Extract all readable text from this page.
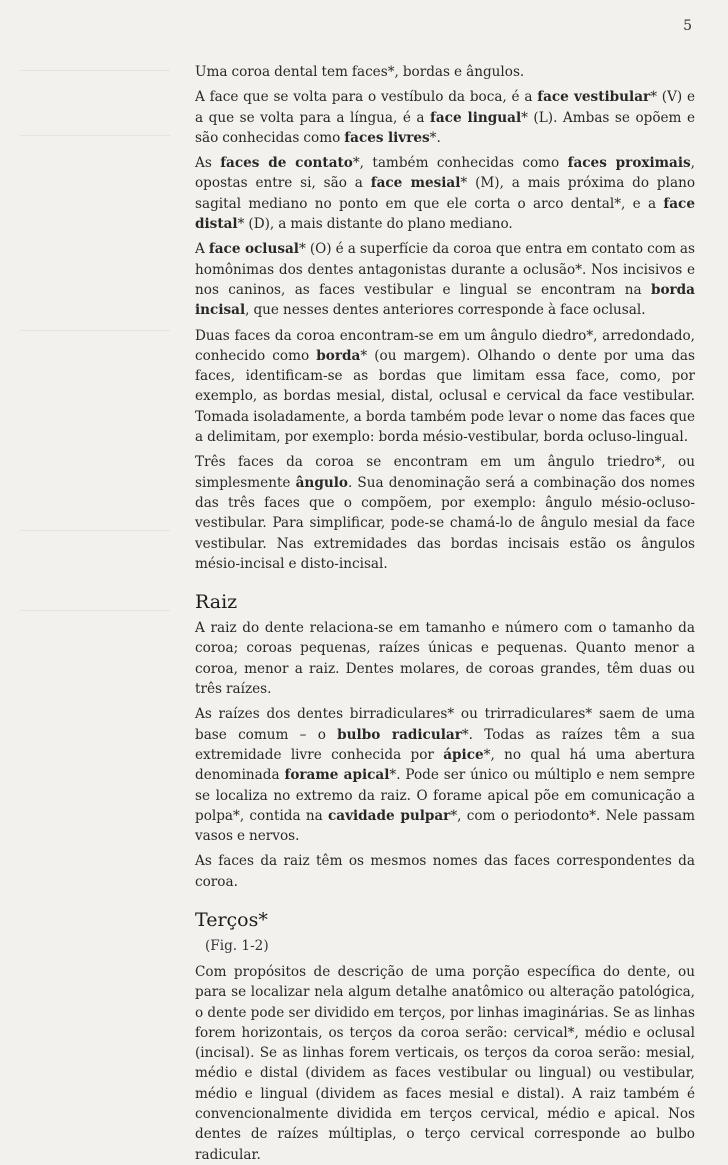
5

Uma coroa dental tem faces*, bordas e ângulos.

A face que se volta para o vestíbulo da boca, é a face vestibular* (V) e a que se volta para a língua, é a face lingual* (L). Ambas se opõem e são conhecidas como faces livres*.

As faces de contato*, também conhecidas como faces proximais, opostas entre si, são a face mesial* (M), a mais próxima do plano sagital mediano no ponto em que ele corta o arco dental*, e a face distal* (D), a mais distante do plano mediano.

A face oclusal* (O) é a superfície da coroa que entra em contato com as homônimas dos dentes antagonistas durante a oclusão*. Nos incisivos e nos caninos, as faces vestibular e lingual se encontram na borda incisal, que nesses dentes anteriores corresponde à face oclusal.

Duas faces da coroa encontram-se em um ângulo diedro*, arredondado, conhecido como borda* (ou margem). Olhando o dente por uma das faces, identificam-se as bordas que limitam essa face, como, por exemplo, as bordas mesial, distal, oclusal e cervical da face vestibular. Tomada isoladamente, a borda também pode levar o nome das faces que a delimitam, por exemplo: borda mésio-vestibular, borda ocluso-lingual.

Três faces da coroa se encontram em um ângulo triedro*, ou simplesmente ângulo. Sua denominação será a combinação dos nomes das três faces que o compõem, por exemplo: ângulo mésio-ocluso-vestibular. Para simplificar, pode-se chamá-lo de ângulo mesial da face vestibular. Nas extremidades das bordas incisais estão os ângulos mésio-incisal e disto-incisal.

Raiz

A raiz do dente relaciona-se em tamanho e número com o tamanho da coroa; coroas pequenas, raízes únicas e pequenas. Quanto menor a coroa, menor a raiz. Dentes molares, de coroas grandes, têm duas ou três raízes.

As raízes dos dentes birradiculares* ou trirradiculares* saem de uma base comum – o bulbo radicular*. Todas as raízes têm a sua extremidade livre conhecida por ápice*, no qual há uma abertura denominada forame apical*. Pode ser único ou múltiplo e nem sempre se localiza no extremo da raiz. O forame apical põe em comunicação a polpa*, contida na cavidade pulpar*, com o periodonto*. Nele passam vasos e nervos.

As faces da raiz têm os mesmos nomes das faces correspondentes da coroa.

Terços*
(Fig. 1-2)

Com propósitos de descrição de uma porção específica do dente, ou para se localizar nela algum detalhe anatômico ou alteração patológica, o dente pode ser dividido em terços, por linhas imaginárias. Se as linhas forem horizontais, os terços da coroa serão: cervical*, médio e oclusal (incisal). Se as linhas forem verticais, os terços da coroa serão: mesial, médio e distal (dividem as faces vestibular ou lingual) ou vestibular, médio e lingual (dividem as faces mesial e distal). A raiz também é convencionalmente dividida em terços cervical, médio e apical. Nos dentes de raízes múltiplas, o terço cervical corresponde ao bulbo radicular.
